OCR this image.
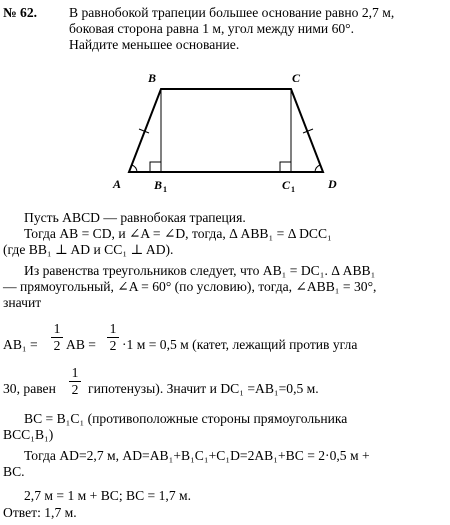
№ 62. В равнобокой трапеции большее основание равно 2,7 м,
боковая сторона равна 1 м, угол между ними 60°.
Найдите меньшее основание.
B	C
A	D
B 1	C 1
Пусть ABCD — равнобокая трапеция.
Тогда AB = CD, и ∠A = ∠D, тогда, Δ ABB₁ = Δ DCC₁
(где BB₁ ⊥ AD и CC₁ ⊥ AD).
Из равенства треугольников следует, что AB₁ = DC₁. Δ ABB₁
— прямоугольный, ∠A = 60° (по условию), тогда, ∠ABB₁ = 30°,
значит
AB₁ =
1
2 AB =
1
2 ·1 м = 0,5 м (катет, лежащий против угла
30, равен
1
2 гипотенузы). Значит и DC₁ =AB₁=0,5 м.
BC = B₁C₁ (противоположные стороны прямоугольника
BCC₁B₁)
Тогда AD=2,7 м, AD=AB₁+B₁C₁+C₁D=2AB₁+BC = 2·0,5 м +
BC.
2,7 м = 1 м + BC; BC = 1,7 м.
Ответ: 1,7 м.
